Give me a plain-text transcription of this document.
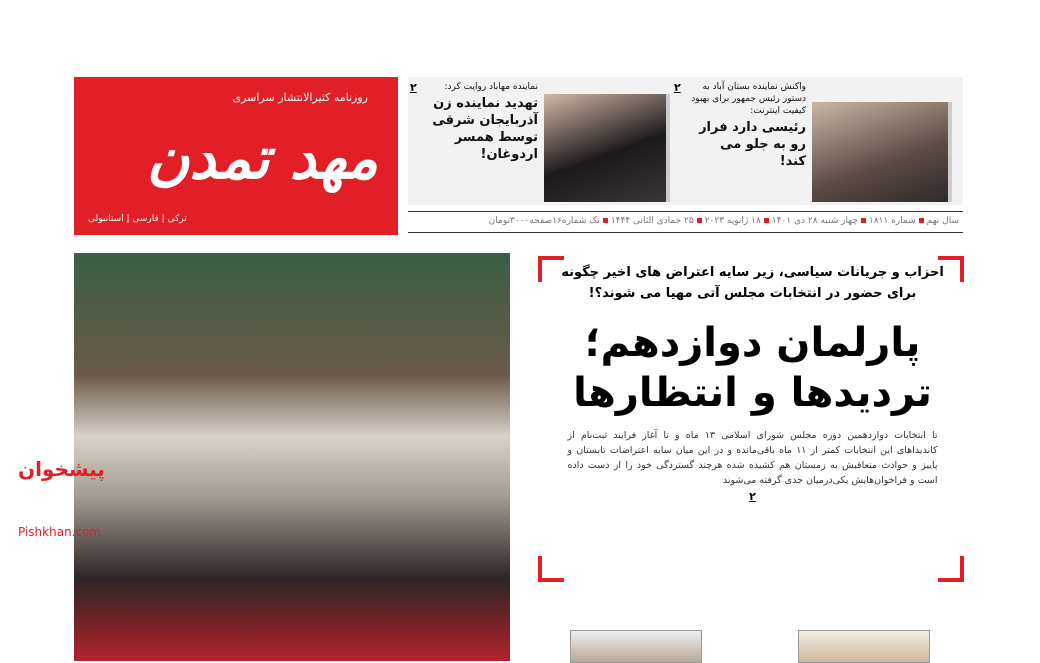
روزنامه کثیرالانتشار سراسری
مهد تمدن
ترکی | فارسی | استانبولی
واکنش نماینده بستان آباد به دستور رئیس جمهور برای بهبود کیفیت اینترنت:
رئیسی دارد فرار رو به جلو می کند!
۲
نماینده مهاباد روایت کرد:
تهدید نماینده زن آذربایجان شرقی توسط همسر اردوغان!
۲
سال نهمشماره ۱۸۱۱چهار شنبه ۲۸ دی ۱۴۰۱۱۸ ژانویه ۲۰۲۳۲۵ جمادی الثانی ۱۴۴۴تک شماره۱۶صفحه۳۰۰۰تومان
احزاب و جریانات سیاسی، زیر سایه اعتراض های اخیر چگونه برای حضور در انتخابات مجلس آتی مهیا می شوند؟!
پارلمان دوازدهم؛
تردیدها و انتظارها
تا انتخابات دوازدهمین دوره مجلس شورای اسلامی ۱۳ ماه و تا آغاز فرایند ثبت‌نام از کاندیداهای این انتخابات کمتر از ۱۱ ماه باقی‌مانده و در این میان سایه اعتراضات تابستان و پاییز و حوادث متعاقبش به زمستان هم کشیده شده هرچند گستردگی خود را از دست داده است و فراخوان‌هایش یکی‌درمیان جدی گرفته می‌شوند
۲
پیشخوان
Pishkhan.com
